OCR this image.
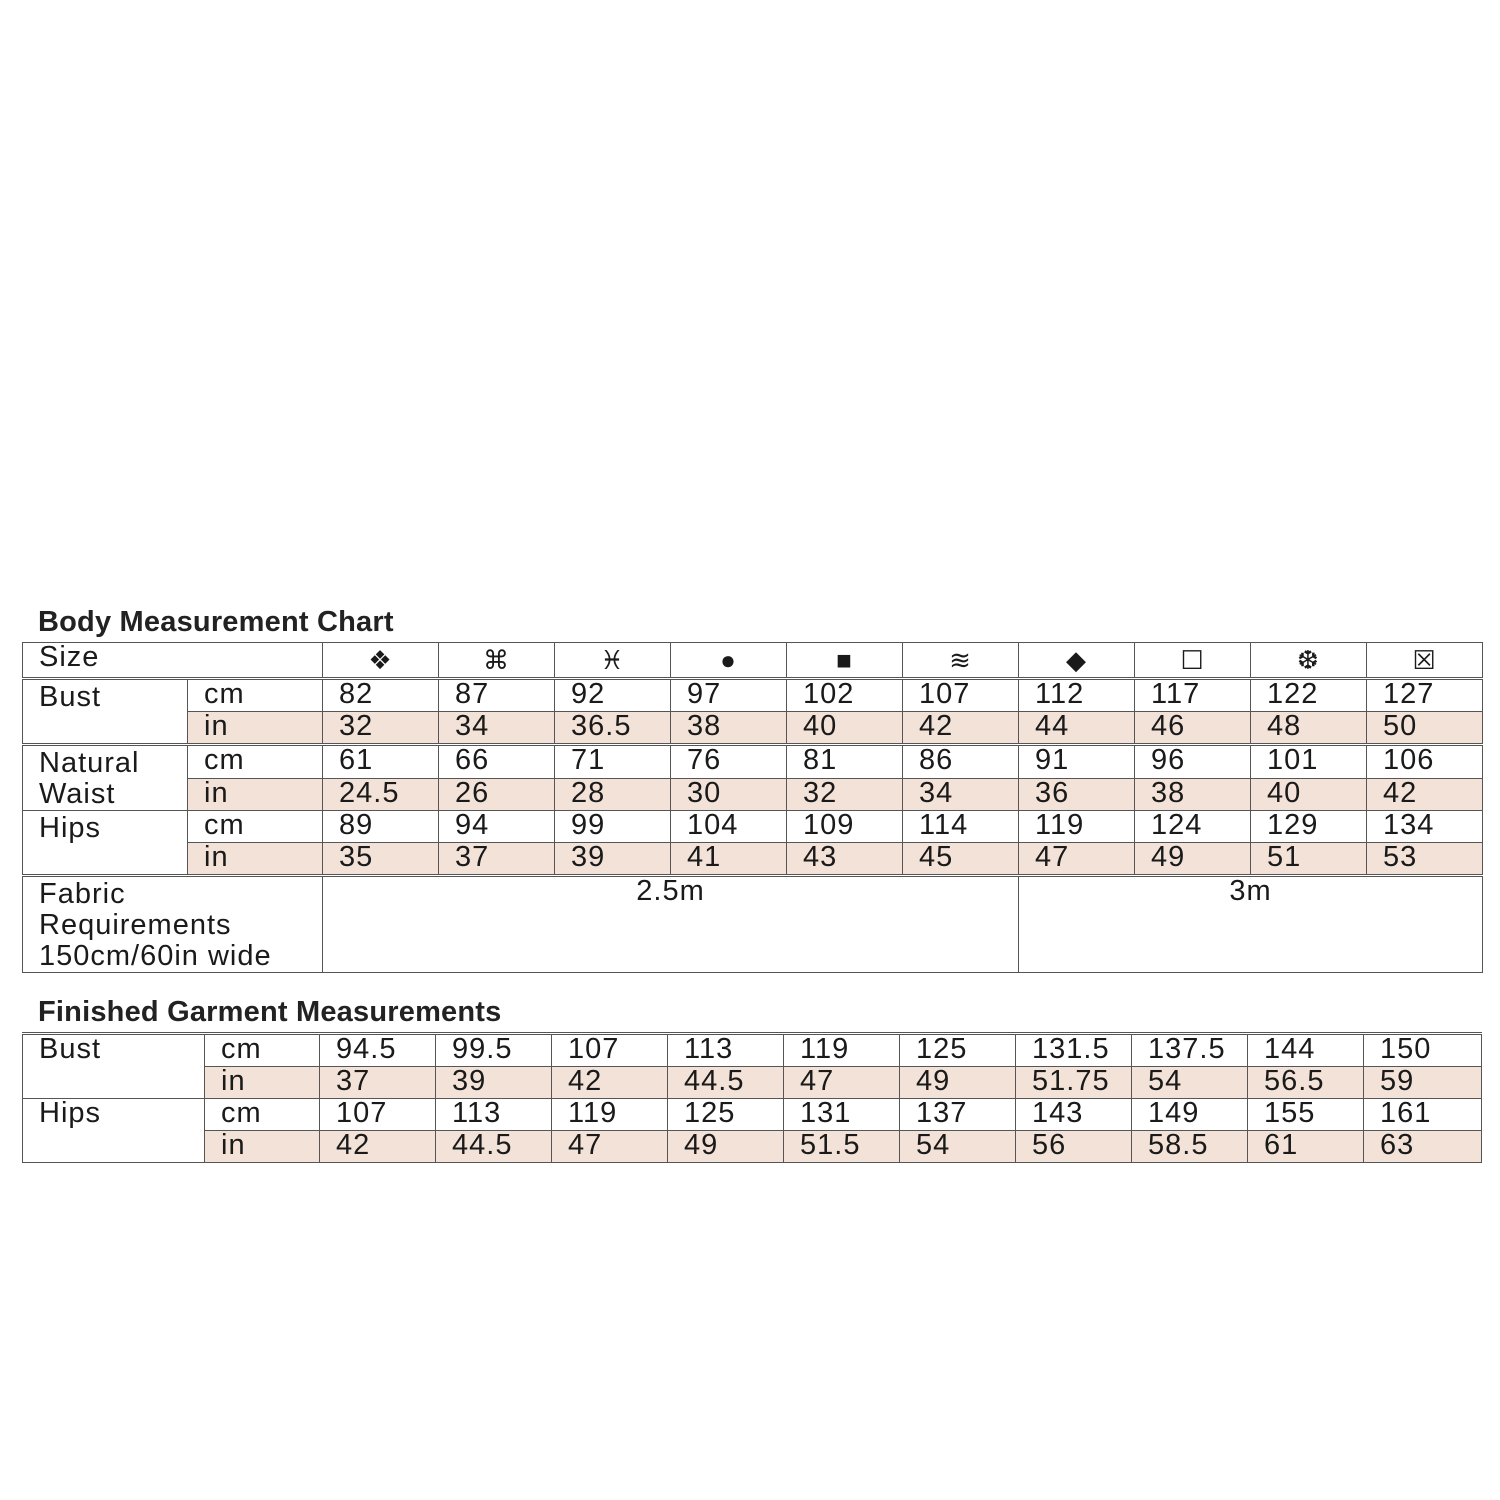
Body Measurement Chart
Size		❖	⌘	♓	●	■	≋	◆	☐	❆	☒
Bust	cm	82	87	92	97	102	107	112	117	122	127
	in	32	34	36.5	38	40	42	44	46	48	50
Natural Waist	cm	61	66	71	76	81	86	91	96	101	106
	in	24.5	26	28	30	32	34	36	38	40	42
Hips	cm	89	94	99	104	109	114	119	124	129	134
	in	35	37	39	41	43	45	47	49	51	53
Fabric Requirements 150cm/60in wide		2.5m						3m			
Finished Garment Measurements
Bust	cm	94.5	99.5	107	113	119	125	131.5	137.5	144	150
	in	37	39	42	44.5	47	49	51.75	54	56.5	59
Hips	cm	107	113	119	125	131	137	143	149	155	161
	in	42	44.5	47	49	51.5	54	56	58.5	61	63
